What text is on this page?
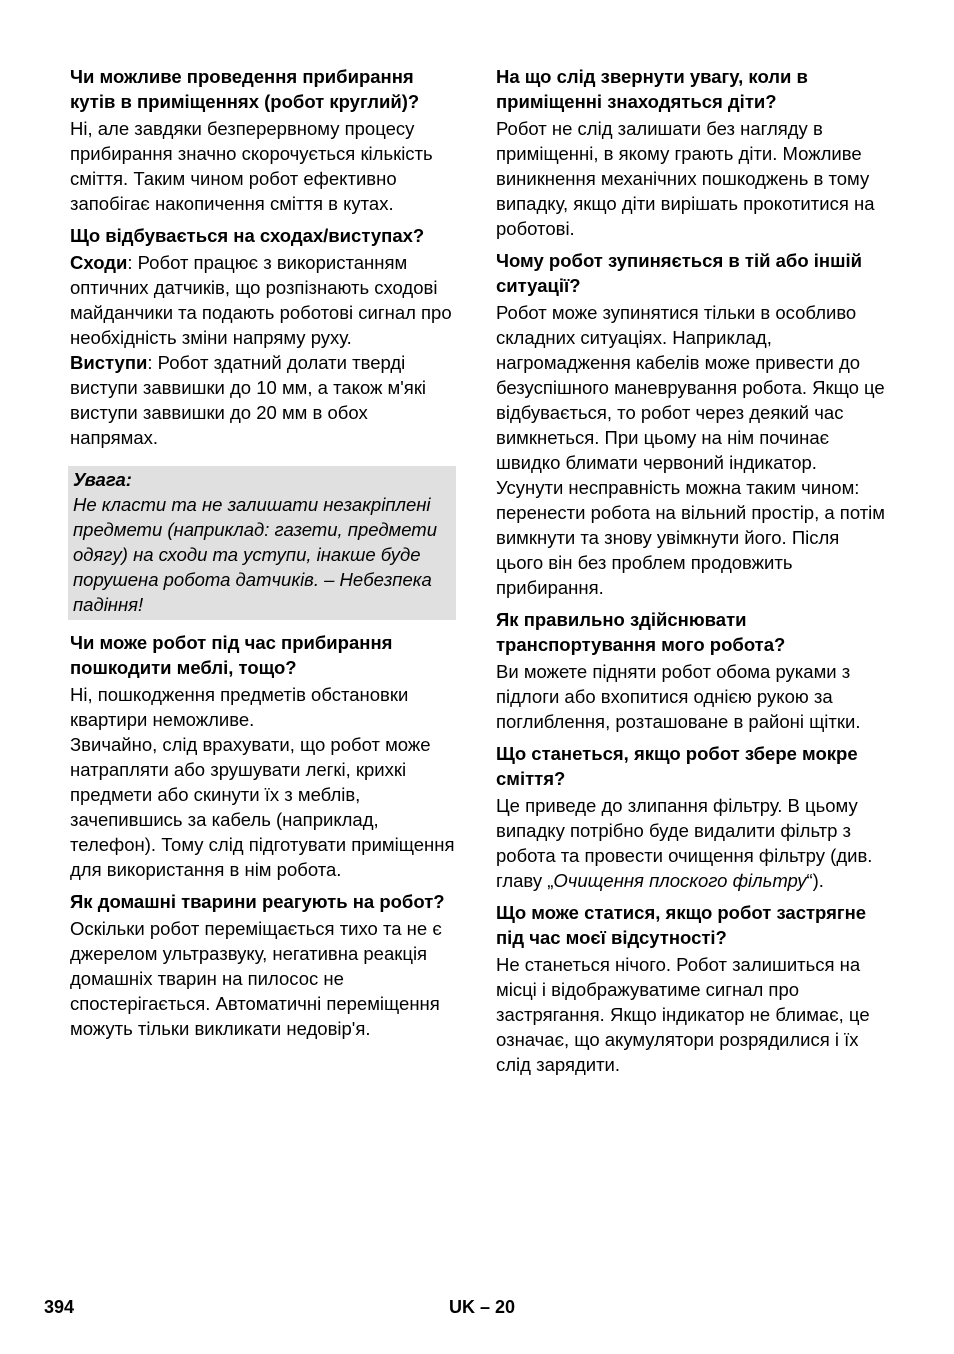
Чи можливе проведення прибирання кутів в приміщеннях (робот круглий)?

Ні, але завдяки безперервному процесу прибирання значно скорочується кількість сміття. Таким чином робот ефективно запобігає накопичення сміття в кутах.

Що відбувається на сходах/виступах?

Сходи: Робот працює з використанням оптичних датчиків, що розпізнають сходові майданчики та подають роботові сигнал про необхідність зміни напряму руху.

Виступи: Робот здатний долати тверді виступи заввишки до 10 мм, а також м'які виступи заввишки до 20 мм в обох напрямах.

Увага:

Не класти та не залишати незакріплені предмети (наприклад: газети, предмети одягу) на сходи та уступи, інакше буде порушена робота датчиків. – Небезпека падіння!

Чи може робот під час прибирання пошкодити меблі, тощо?

Ні, пошкодження предметів обстановки квартири неможливе.

Звичайно, слід врахувати, що робот може натрапляти або зрушувати легкі, крихкі предмети або скинути їх з меблів, зачепившись за кабель (наприклад, телефон). Тому слід підготувати приміщення для використання в нім робота.

Як домашні тварини реагують на робот?

Оскільки робот переміщається тихо та не є джерелом ультразвуку, негативна реакція домашніх тварин на пилосос не спостерігається. Автоматичні переміщення можуть тільки викликати недовір'я.

На що слід звернути увагу, коли в приміщенні знаходяться діти?

Робот не слід залишати без нагляду в приміщенні, в якому грають діти. Можливе виникнення механічних пошкоджень в тому випадку, якщо діти вирішать прокотитися на роботові.

Чому робот зупиняється в тій або іншій ситуації?

Робот може зупинятися тільки в особливо складних ситуаціях. Наприклад, нагромадження кабелів може привести до безуспішного маневрування робота. Якщо це відбувається, то робот через деякий час вимкнеться. При цьому на нім починає швидко блимати червоний індикатор. Усунути несправність можна таким чином: перенести робота на вільний простір, а потім вимкнути та знову увімкнути його. Після цього він без проблем продовжить прибирання.

Як правильно здійснювати транспортування мого робота?

Ви можете підняти робот обома руками з підлоги або вхопитися однією рукою за поглиблення, розташоване в районі щітки.

Що станеться, якщо робот збере мокре сміття?

Це приведе до злипання фільтру. В цьому випадку потрібно буде видалити фільтр з робота та провести очищення фільтру (див. главу „Очищення плоского фільтру“).

Що може статися, якщо робот застрягне під час моєї відсутності?

Не станеться нічого. Робот залишиться на місці і відображуватиме сигнал про застрягання. Якщо індикатор не блимає, це означає, що акумулятори розрядилися і їх слід зарядити.

394	UK – 20
